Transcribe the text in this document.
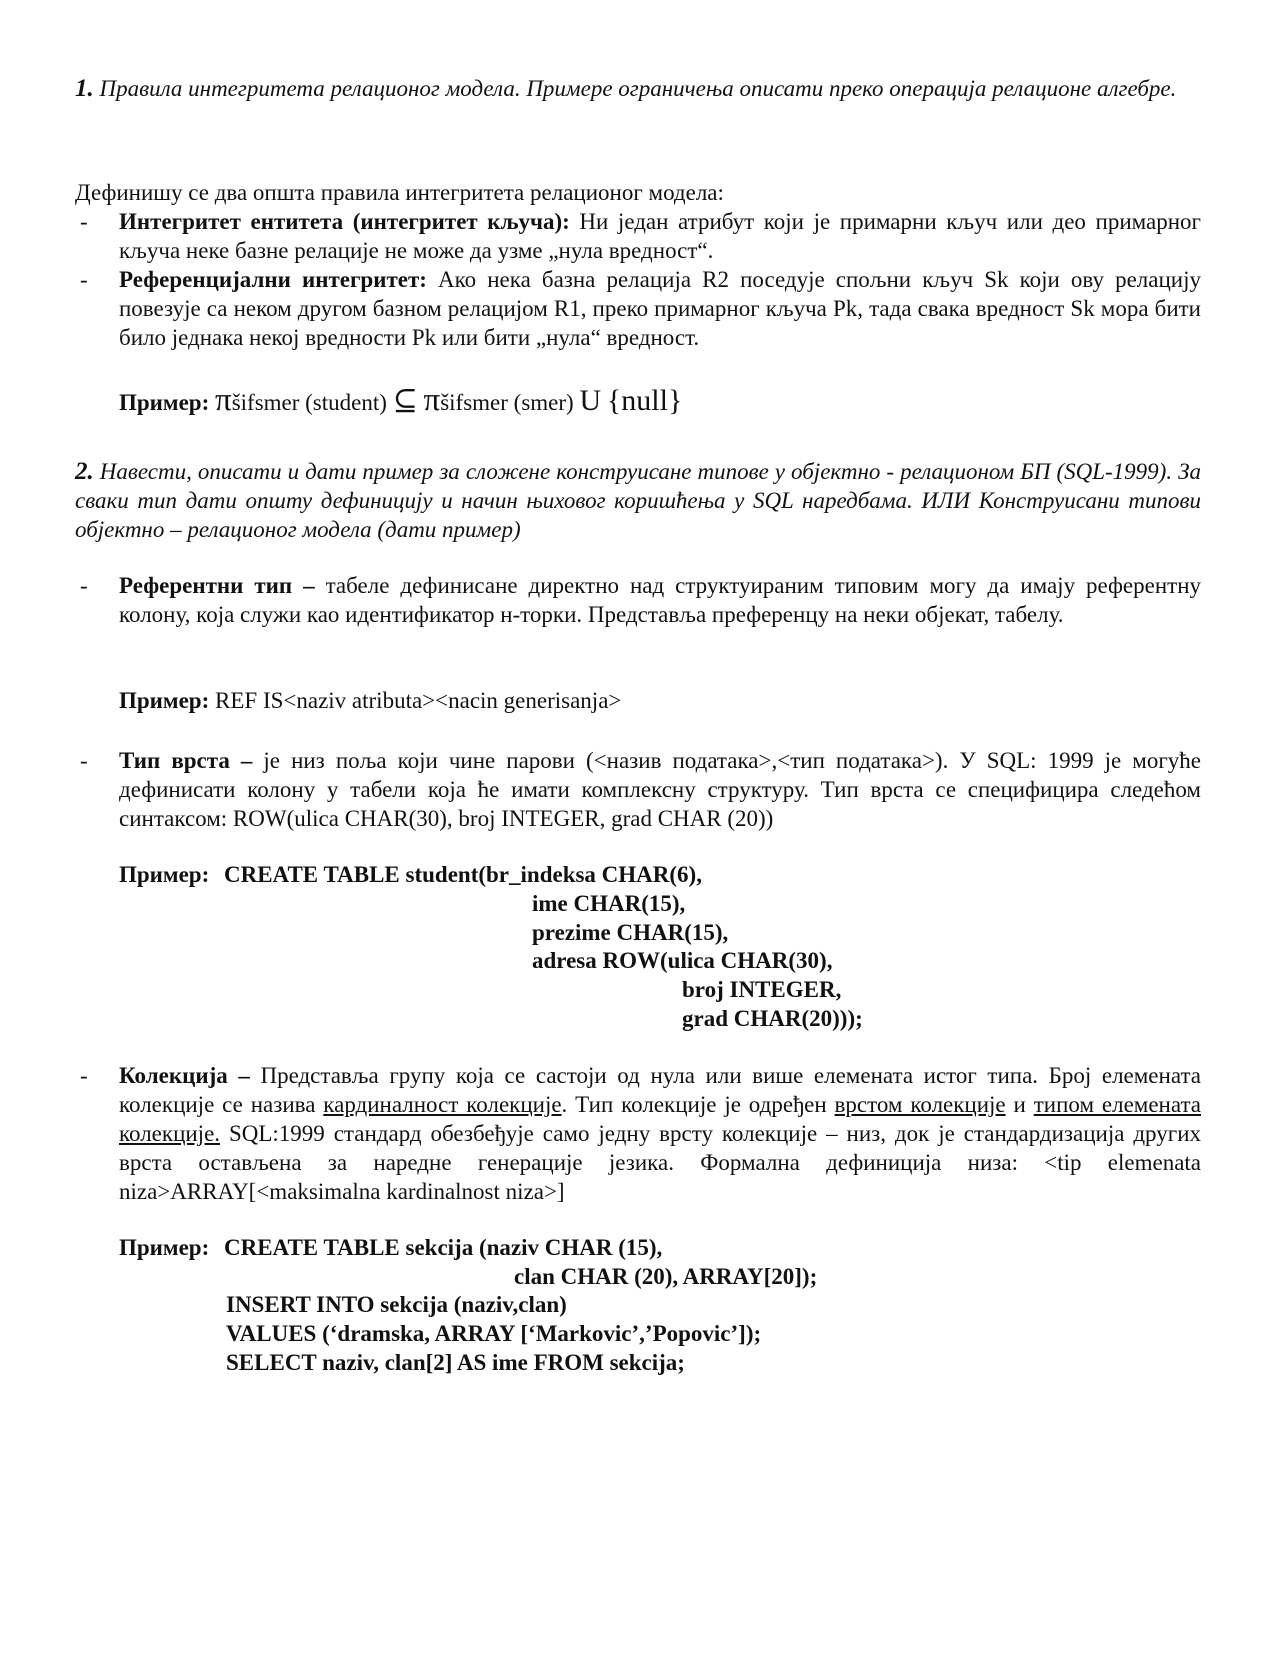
1. Правила интегритета релационог модела. Примере ограничења описати преко операција релационе алгебре.

Дефинишу се два општа правила интегритета релационог модела:

- Интегритет ентитета (интегритет кључа): Ни један атрибут који је примарни кључ или део примарног кључа неке базне релације не може да узме „нула вредност“.
- Референцијални интегритет: Ако нека базна релација R2 поседује спољни кључ Sk који ову релацију повезује са неком другом базном релацијом R1, преко примарног кључа Pk, тада свака вредност Sk мора бити било једнака некој вредности Pk или бити „нула“ вредност.
Пример: πšifsmer (student) ⊆ πšifsmer (smer) U {null}

2. Навести, описати и дати пример за сложене конструисане типове у објектно - релационом БП (SQL-1999). За сваки тип дати општу дефиницију и начин њиховог коришћења у SQL наредбама. ИЛИ Конструисани типови објектно – релационог модела (дати пример)

- Референтни тип – табеле дефинисане директно над структуираним типовим могу да имају референтну колону, која служи као идентификатор н-торки. Представља преференцу на неки објекат, табелу.
Пример: REF IS<naziv atributa><nacin generisanja>
- Тип врста – је низ поља који чине парови (<назив података>,<тип података>). У SQL: 1999 је могуће дефинисати колону у табели која ће имати комплексну структуру. Тип врста се специфицира следећом синтаксом: ROW(ulica CHAR(30), broj INTEGER, grad CHAR (20))
Пример: CREATE TABLE student(br_indeksa CHAR(6),
ime CHAR(15),
prezime CHAR(15),
adresa ROW(ulica CHAR(30),
broj INTEGER,
grad CHAR(20)));
- Колекција – Представља групу која се састоји од нула или више елемената истог типа. Број елемената колекције се назива кардиналност колекције. Тип колекције је одређен врстом колекције и типом елемената колекције. SQL:1999 стандард обезбеђује само једну врсту колекције – низ, док је стандардизација других врста остављена за наредне генерације језика. Формална дефиниција низа: <tip elemenata niza>ARRAY[<maksimalna kardinalnost niza>]
Пример: CREATE TABLE sekcija (naziv CHAR (15),
clan CHAR (20), ARRAY[20]);
INSERT INTO sekcija (naziv,clan)
VALUES (‘dramska, ARRAY [‘Markovic’,’Popovic’]);
SELECT naziv, clan[2] AS ime FROM sekcija;
